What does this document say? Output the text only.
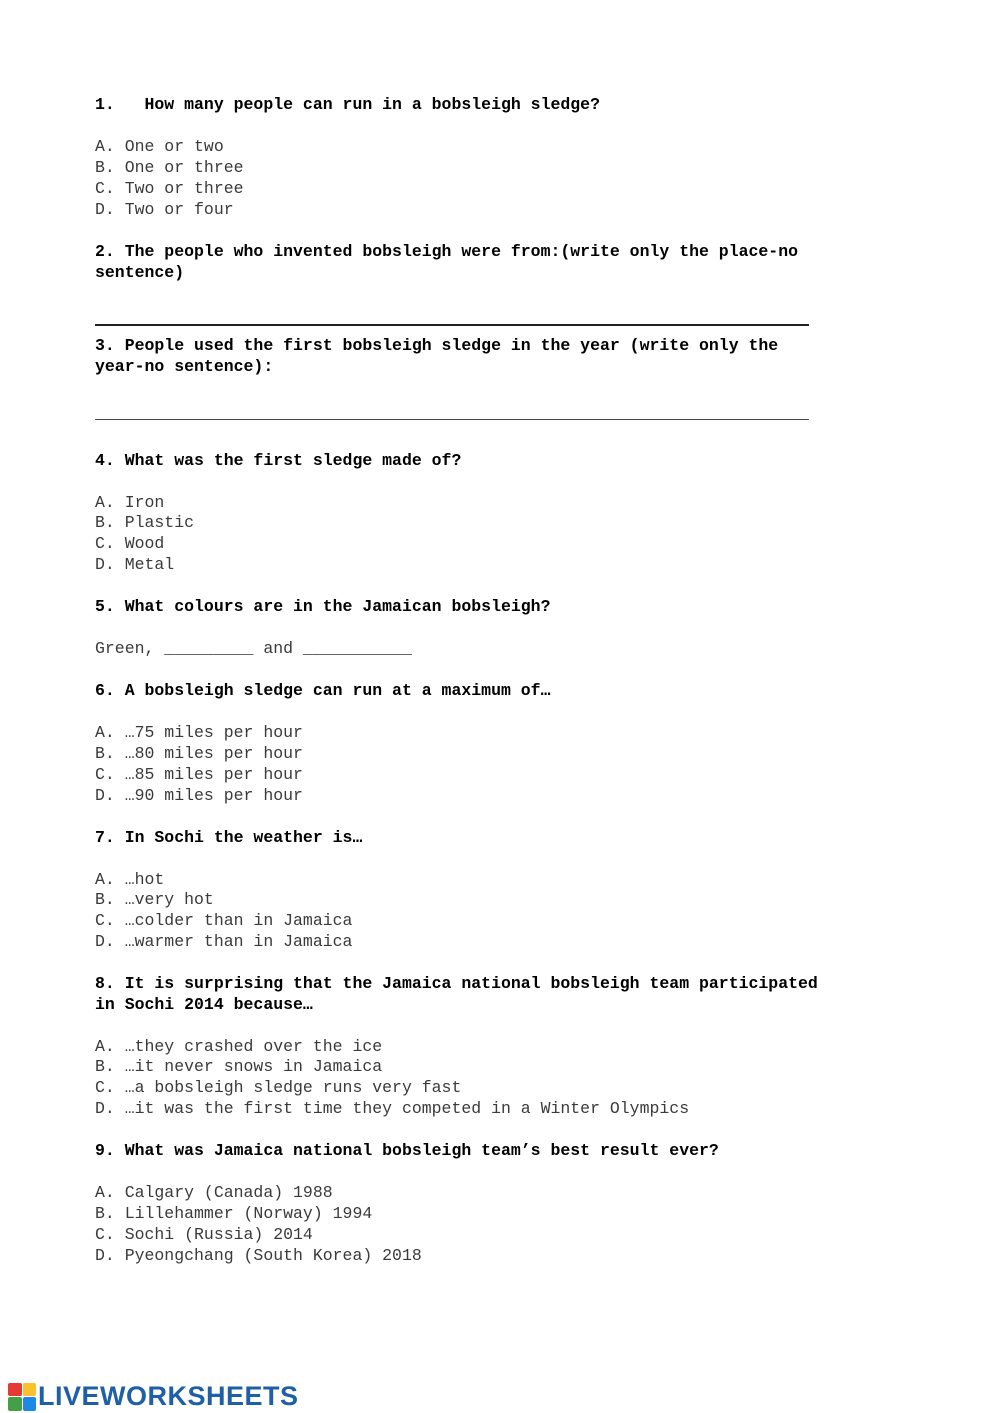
1.   How many people can run in a bobsleigh sledge?
A. One or two
B. One or three
C. Two or three
D. Two or four
2. The people who invented bobsleigh were from:(write only the place-no
sentence)
3. People used the first bobsleigh sledge in the year (write only the
year-no sentence):
4. What was the first sledge made of?
A. Iron
B. Plastic
C. Wood
D. Metal
5. What colours are in the Jamaican bobsleigh?
Green, _________ and ___________
6. A bobsleigh sledge can run at a maximum of…
A. …75 miles per hour
B. …80 miles per hour
C. …85 miles per hour
D. …90 miles per hour
7. In Sochi the weather is…
A. …hot
B. …very hot
C. …colder than in Jamaica
D. …warmer than in Jamaica
8. It is surprising that the Jamaica national bobsleigh team participated
in Sochi 2014 because…
A. …they crashed over the ice
B. …it never snows in Jamaica
C. …a bobsleigh sledge runs very fast
D. …it was the first time they competed in a Winter Olympics
9. What was Jamaica national bobsleigh team’s best result ever?
A. Calgary (Canada) 1988
B. Lillehammer (Norway) 1994
C. Sochi (Russia) 2014
D. Pyeongchang (South Korea) 2018
LIVEWORKSHEETS
